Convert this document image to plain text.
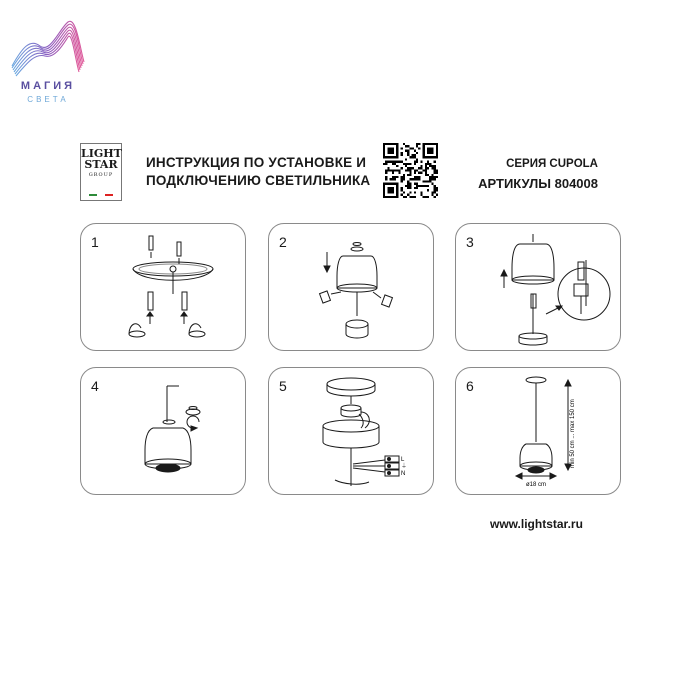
МАГИЯ
СВЕТА
LIGHT
STAR
GROUP
ИНСТРУКЦИЯ ПО УСТАНОВКЕ И
ПОДКЛЮЧЕНИЮ СВЕТИЛЬНИКА
СЕРИЯ CUPOLA
АРТИКУЛЫ 804008
1	2	3
4	5
L
⏚
N
6
min 50 cm ... max 150 cm
ø18 cm
www.lightstar.ru
